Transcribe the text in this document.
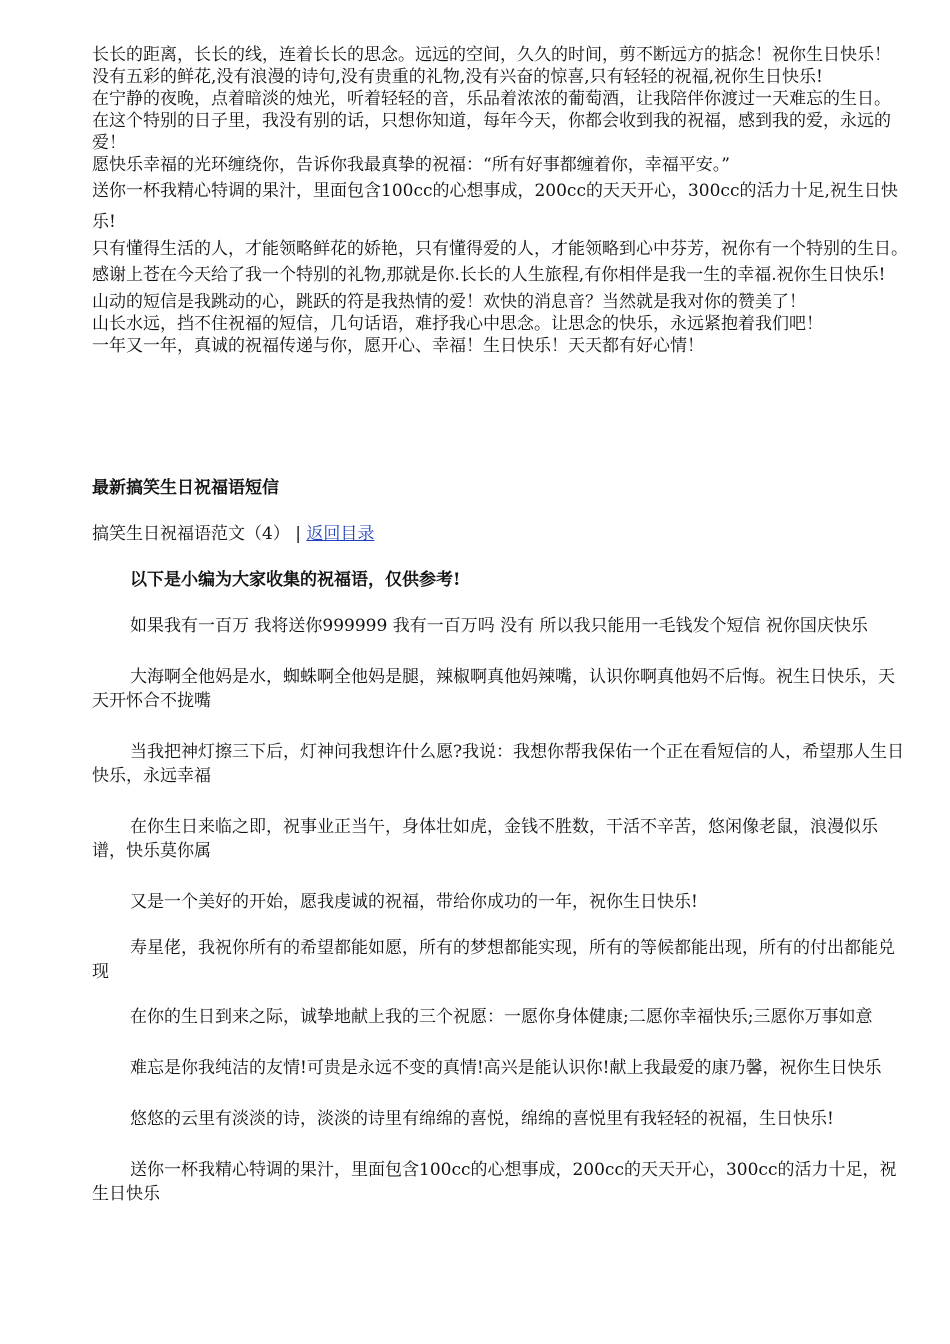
长长的距离，长长的线，连着长长的思念。远远的空间，久久的时间，剪不断远方的掂念！祝你生日快乐！

没有五彩的鲜花,没有浪漫的诗句,没有贵重的礼物,没有兴奋的惊喜,只有轻轻的祝福,祝你生日快乐!

在宁静的夜晚，点着暗淡的烛光，听着轻轻的音，乐品着浓浓的葡萄酒，让我陪伴你渡过一天难忘的生日。

在这个特别的日子里，我没有别的话，只想你知道，每年今天，你都会收到我的祝福，感到我的爱，永远的爱！

愿快乐幸福的光环缠绕你，告诉你我最真挚的祝福：“所有好事都缠着你，幸福平安。”

送你一杯我精心特调的果汁，里面包含100cc的心想事成，200cc的天天开心，300cc的活力十足,祝生日快乐!

只有懂得生活的人，才能领略鲜花的娇艳，只有懂得爱的人，才能领略到心中芬芳，祝你有一个特别的生日。

感谢上苍在今天给了我一个特别的礼物,那就是你.长长的人生旅程,有你相伴是我一生的幸福.祝你生日快乐!

山动的短信是我跳动的心，跳跃的符是我热情的爱！欢快的消息音？当然就是我对你的赞美了！

山长水远，挡不住祝福的短信，几句话语，难抒我心中思念。让思念的快乐，永远紧抱着我们吧！

一年又一年，真诚的祝福传递与你，愿开心、幸福！生日快乐！天天都有好心情！

最新搞笑生日祝福语短信

搞笑生日祝福语范文（4） | 返回目录

以下是小编为大家收集的祝福语，仅供参考!

如果我有一百万 我将送你999999 我有一百万吗 没有 所以我只能用一毛钱发个短信 祝你国庆快乐

大海啊全他妈是水，蜘蛛啊全他妈是腿，辣椒啊真他妈辣嘴，认识你啊真他妈不后悔。祝生日快乐，天天开怀合不拢嘴

当我把神灯擦三下后，灯神问我想许什么愿?我说：我想你帮我保佑一个正在看短信的人，希望那人生日快乐，永远幸福

在你生日来临之即，祝事业正当午，身体壮如虎，金钱不胜数，干活不辛苦，悠闲像老鼠，浪漫似乐谱，快乐莫你属

又是一个美好的开始，愿我虔诚的祝福，带给你成功的一年，祝你生日快乐!

寿星佬，我祝你所有的希望都能如愿，所有的梦想都能实现，所有的等候都能出现，所有的付出都能兑现

在你的生日到来之际，诚挚地献上我的三个祝愿：一愿你身体健康;二愿你幸福快乐;三愿你万事如意

难忘是你我纯洁的友情!可贵是永远不变的真情!高兴是能认识你!献上我最爱的康乃馨，祝你生日快乐

悠悠的云里有淡淡的诗，淡淡的诗里有绵绵的喜悦，绵绵的喜悦里有我轻轻的祝福，生日快乐!

送你一杯我精心特调的果汁，里面包含100cc的心想事成，200cc的天天开心，300cc的活力十足，祝生日快乐
